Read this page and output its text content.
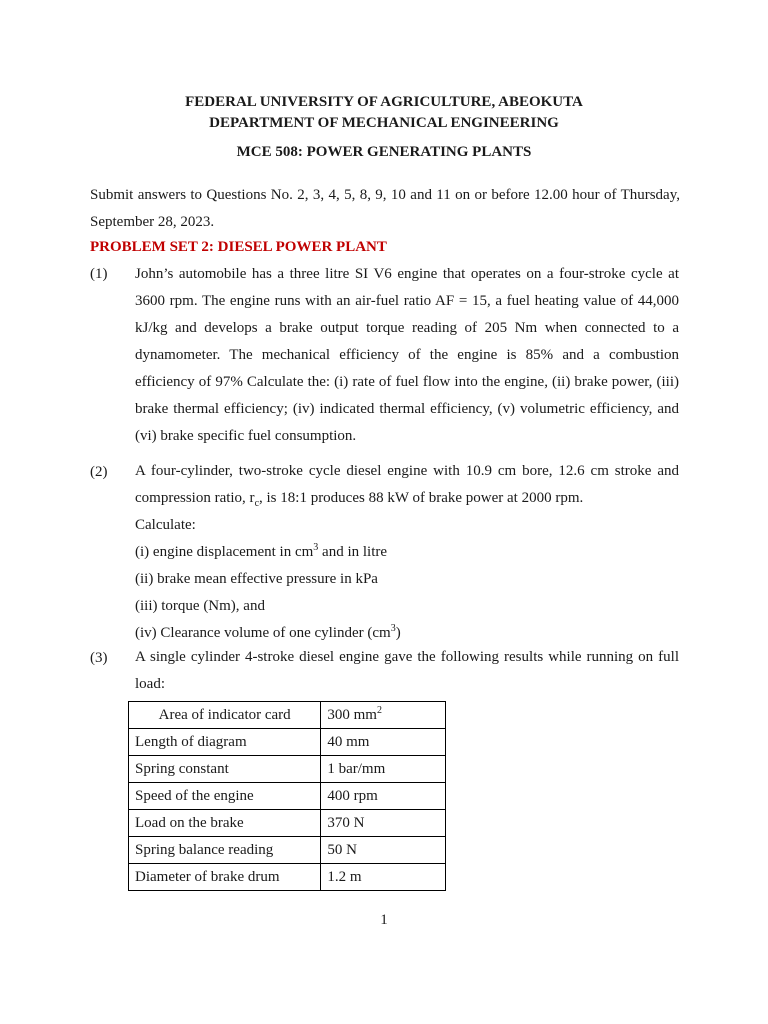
FEDERAL UNIVERSITY OF AGRICULTURE, ABEOKUTA
DEPARTMENT OF MECHANICAL ENGINEERING
MCE 508: POWER GENERATING PLANTS
Submit answers to Questions No. 2, 3, 4, 5, 8, 9, 10 and 11 on or before 12.00 hour of Thursday, September 28, 2023.
PROBLEM SET 2: DIESEL POWER PLANT
(1) John’s automobile has a three litre SI V6 engine that operates on a four-stroke cycle at 3600 rpm. The engine runs with an air-fuel ratio AF = 15, a fuel heating value of 44,000 kJ/kg and develops a brake output torque reading of 205 Nm when connected to a dynamometer. The mechanical efficiency of the engine is 85% and a combustion efficiency of 97% Calculate the: (i) rate of fuel flow into the engine, (ii) brake power, (iii) brake thermal efficiency; (iv) indicated thermal efficiency, (v) volumetric efficiency, and (vi) brake specific fuel consumption.
(2) A four-cylinder, two-stroke cycle diesel engine with 10.9 cm bore, 12.6 cm stroke and compression ratio, $r_c$, is 18:1 produces 88 kW of brake power at 2000 rpm.
Calculate:
(i) engine displacement in $cm^3$ and in litre
(ii) brake mean effective pressure in kPa
(iii) torque (Nm), and
(iv) Clearance volume of one cylinder $(cm^3)$
(3) A single cylinder 4-stroke diesel engine gave the following results while running on full load:
Area of indicator card	300 $mm^2$
Length of diagram	40 mm
Spring constant	1 bar/mm
Speed of the engine	400 rpm
Load on the brake	370 N
Spring balance reading	50 N
Diameter of brake drum	1.2 m
1
